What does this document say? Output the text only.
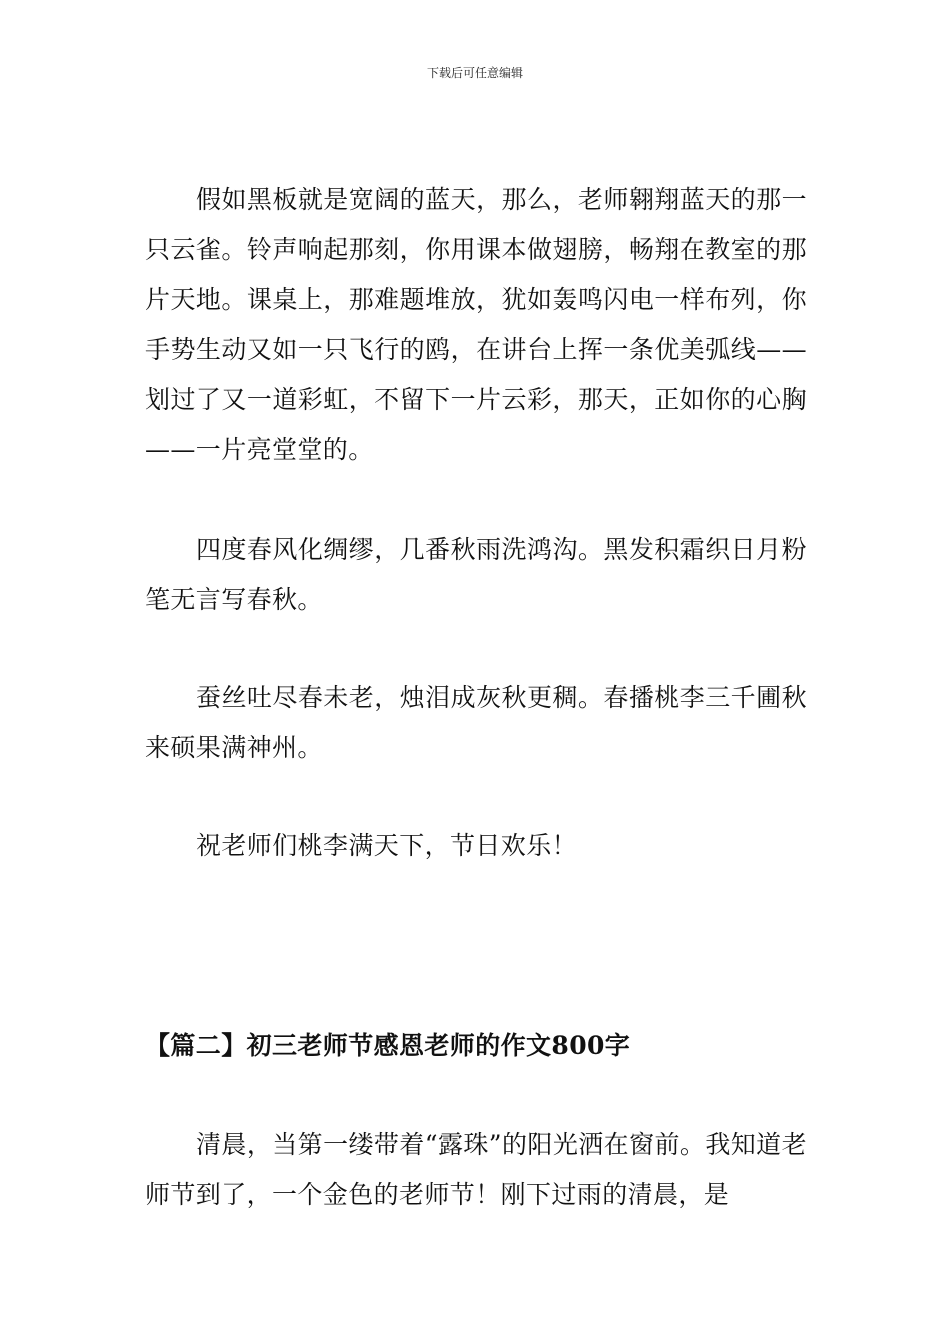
下载后可任意编辑

假如黑板就是宽阔的蓝天，那么，老师翱翔蓝天的那一只云雀。铃声响起那刻，你用课本做翅膀，畅翔在教室的那片天地。课桌上，那难题堆放，犹如轰鸣闪电一样布列，你手势生动又如一只飞行的鸥，在讲台上挥一条优美弧线——划过了又一道彩虹，不留下一片云彩，那天，正如你的心胸——一片亮堂堂的。

四度春风化绸缪，几番秋雨洗鸿沟。黑发积霜织日月粉笔无言写春秋。

蚕丝吐尽春未老，烛泪成灰秋更稠。春播桃李三千圃秋来硕果满神州。

祝老师们桃李满天下，节日欢乐！

【篇二】初三老师节感恩老师的作文800字

清晨，当第一缕带着“露珠”的阳光洒在窗前。我知道老师节到了，一个金色的老师节！刚下过雨的清晨，是
